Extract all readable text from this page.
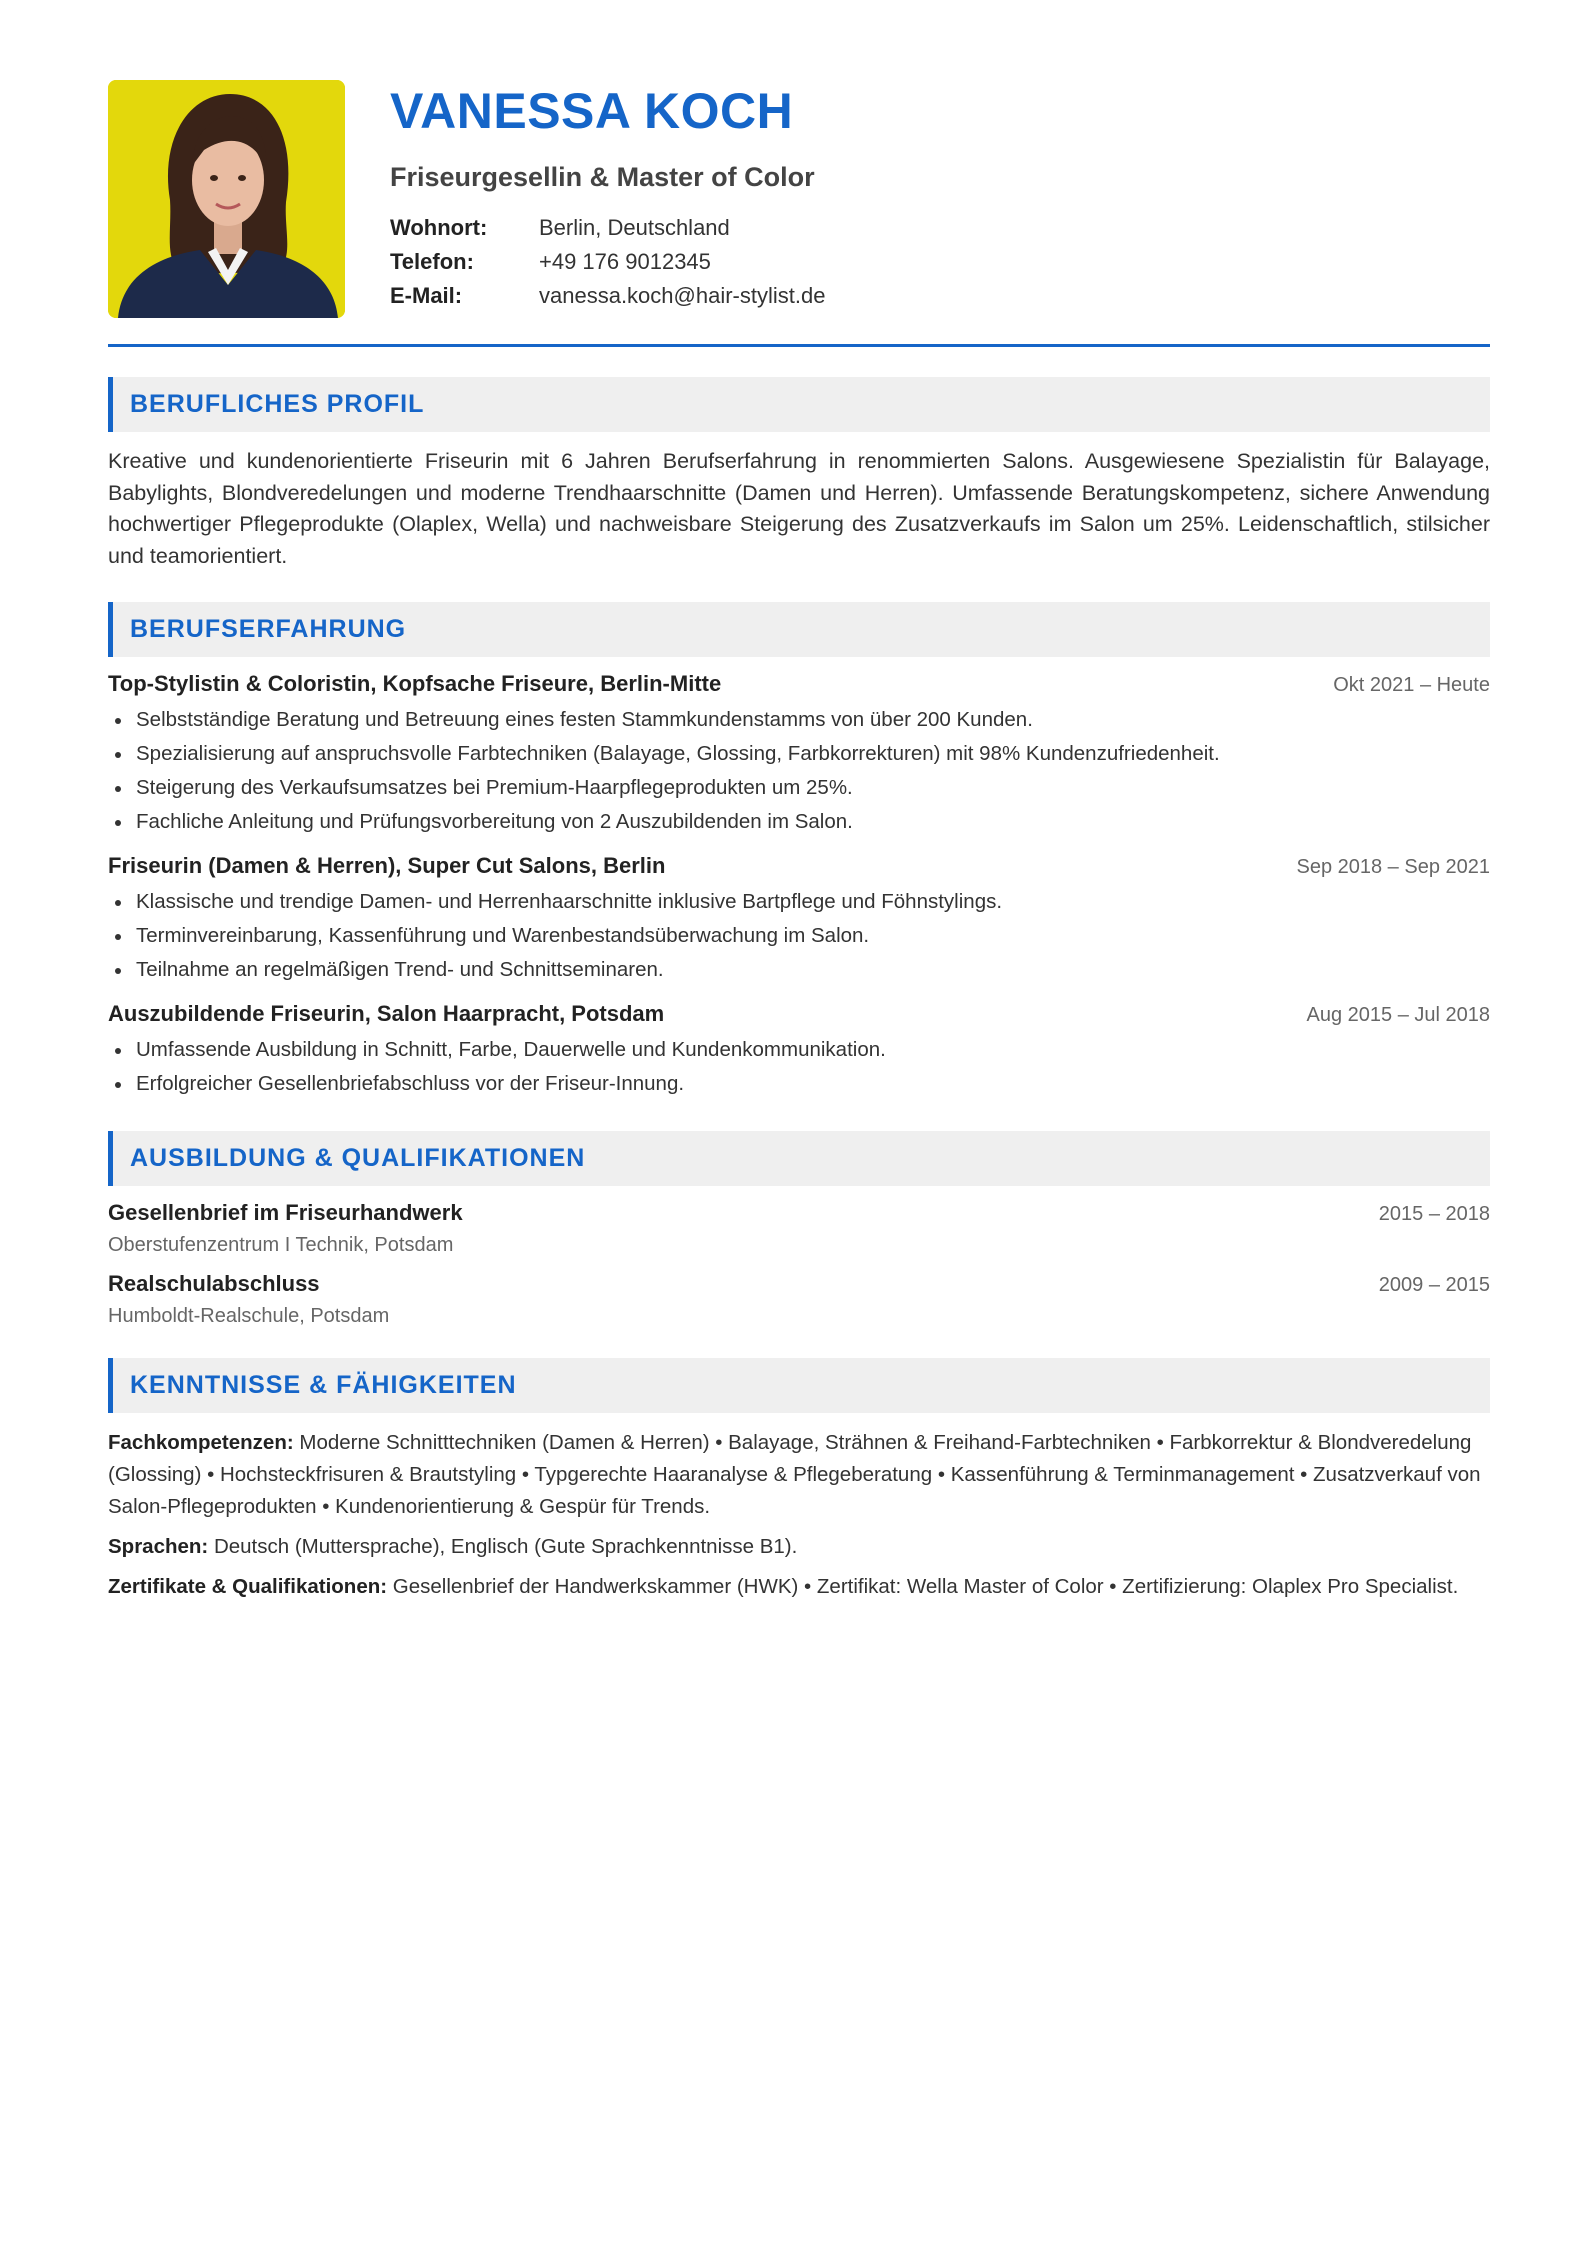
VANESSA KOCH
Friseurgesellin & Master of Color
Wohnort:	Berlin, Deutschland
Telefon:	+49 176 9012345
E-Mail:	vanessa.koch@hair-stylist.de
BERUFLICHES PROFIL
Kreative und kundenorientierte Friseurin mit 6 Jahren Berufserfahrung in renommierten Salons. Ausgewiesene Spezialistin für Balayage, Babylights, Blondveredelungen und moderne Trendhaarschnitte (Damen und Herren). Umfassende Beratungskompetenz, sichere Anwendung hochwertiger Pflegeprodukte (Olaplex, Wella) und nachweisbare Steigerung des Zusatzverkaufs im Salon um 25%. Leidenschaftlich, stilsicher und teamorientiert.
BERUFSERFAHRUNG
Top-Stylistin & Coloristin, Kopfsache Friseure, Berlin-Mitte	Okt 2021 – Heute
Selbstständige Beratung und Betreuung eines festen Stammkundenstamms von über 200 Kunden.
Spezialisierung auf anspruchsvolle Farbtechniken (Balayage, Glossing, Farbkorrekturen) mit 98% Kundenzufriedenheit.
Steigerung des Verkaufsumsatzes bei Premium-Haarpflegeprodukten um 25%.
Fachliche Anleitung und Prüfungsvorbereitung von 2 Auszubildenden im Salon.
Friseurin (Damen & Herren), Super Cut Salons, Berlin	Sep 2018 – Sep 2021
Klassische und trendige Damen- und Herrenhaarschnitte inklusive Bartpflege und Föhnstylings.
Terminvereinbarung, Kassenführung und Warenbestandsüberwachung im Salon.
Teilnahme an regelmäßigen Trend- und Schnittseminaren.
Auszubildende Friseurin, Salon Haarpracht, Potsdam	Aug 2015 – Jul 2018
Umfassende Ausbildung in Schnitt, Farbe, Dauerwelle und Kundenkommunikation.
Erfolgreicher Gesellenbriefabschluss vor der Friseur-Innung.
AUSBILDUNG & QUALIFIKATIONEN
Gesellenbrief im Friseurhandwerk	2015 – 2018
Oberstufenzentrum I Technik, Potsdam
Realschulabschluss	2009 – 2015
Humboldt-Realschule, Potsdam
KENNTNISSE & FÄHIGKEITEN
Fachkompetenzen: Moderne Schnitttechniken (Damen & Herren) • Balayage, Strähnen & Freihand-Farbtechniken • Farbkorrektur & Blondveredelung (Glossing) • Hochsteckfrisuren & Brautstyling • Typgerechte Haaranalyse & Pflegeberatung • Kassenführung & Terminmanagement • Zusatzverkauf von Salon-Pflegeprodukten • Kundenorientierung & Gespür für Trends.
Sprachen: Deutsch (Muttersprache), Englisch (Gute Sprachkenntnisse B1).
Zertifikate & Qualifikationen: Gesellenbrief der Handwerkskammer (HWK) • Zertifikat: Wella Master of Color • Zertifizierung: Olaplex Pro Specialist.
